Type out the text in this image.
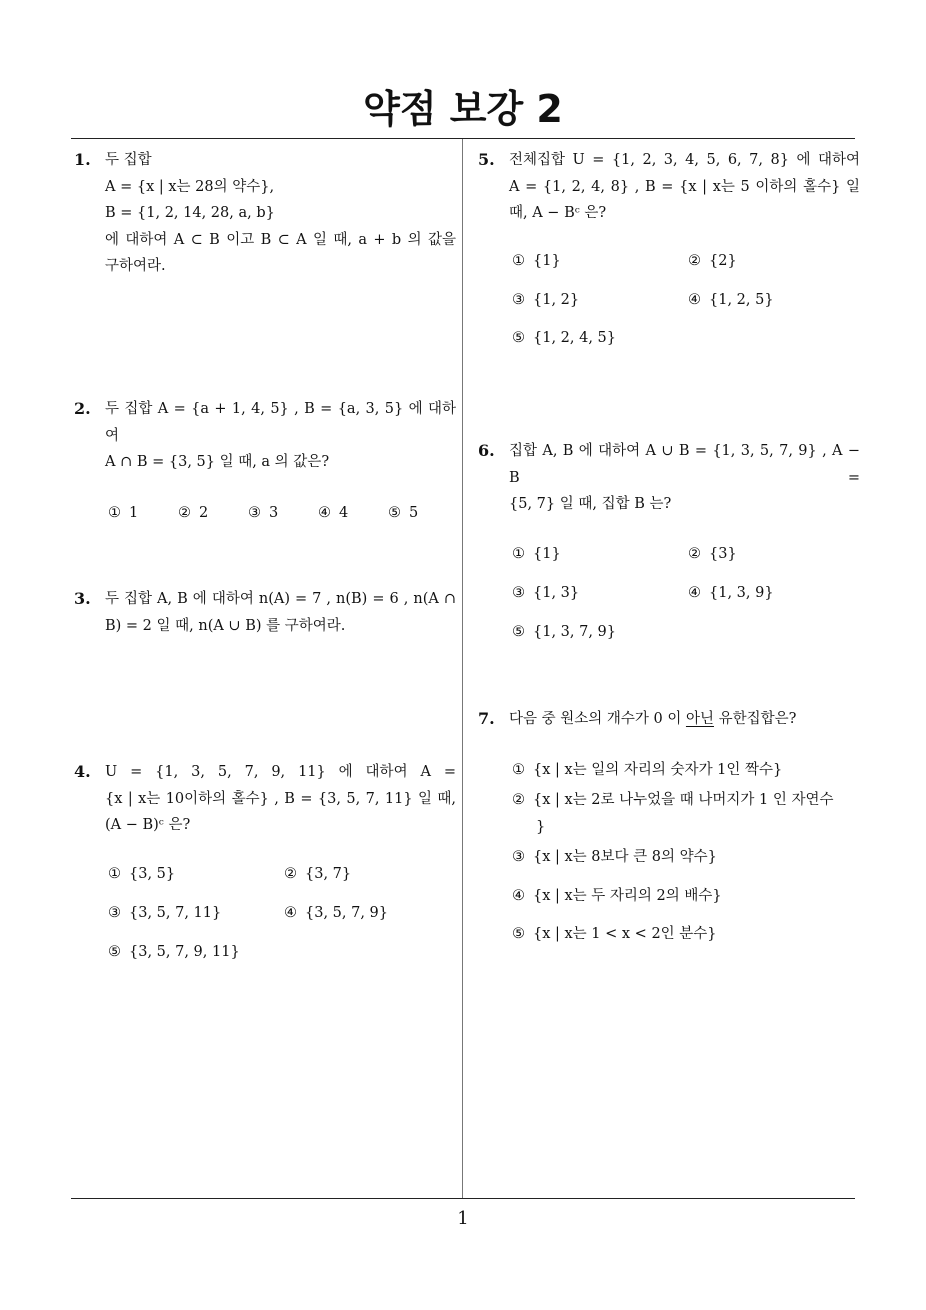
약점 보강 2
1. 두 집합
A = {x | x는 28의 약수},
B = {1, 2, 14, 28, a, b}
에 대하여 A ⊂ B 이고 B ⊂ A 일 때, a + b 의 값을
구하여라.
2. 두 집합 A = {a + 1, 4, 5} , B = {a, 3, 5} 에 대하여
A ∩ B = {3, 5} 일 때, a 의 값은?
① 1	② 2	③ 3	④ 4	⑤ 5
3. 두 집합 A, B 에 대하여 n(A) = 7 , n(B) = 6 , n(A ∩
B) = 2 일 때, n(A ∪ B) 를 구하여라.
4. U = {1, 3, 5, 7, 9, 11} 에 대하여 A =
{x | x는 10이하의 홀수} , B = {3, 5, 7, 11} 일 때,
(A − B)ᶜ 은?
① {3, 5}	② {3, 7}
③ {3, 5, 7, 11}	④ {3, 5, 7, 9}
⑤ {3, 5, 7, 9, 11}
5. 전체집합 U = {1, 2, 3, 4, 5, 6, 7, 8} 에 대하여
A = {1, 2, 4, 8} , B = {x | x는 5 이하의 홀수} 일
때, A − Bᶜ 은?
① {1}	② {2}
③ {1, 2}	④ {1, 2, 5}
⑤ {1, 2, 4, 5}
6. 집합 A, B 에 대하여 A ∪ B = {1, 3, 5, 7, 9} , A − B =
{5, 7} 일 때, 집합 B 는?
① {1}	② {3}
③ {1, 3}	④ {1, 3, 9}
⑤ {1, 3, 7, 9}
7. 다음 중 원소의 개수가 0 이 아닌 유한집합은?
① {x | x는 일의 자리의 숫자가 1인 짝수}
② {x | x는 2로 나누었을 때 나머지가 1 인 자연수
}
③ {x | x는 8보다 큰 8의 약수}
④ {x | x는 두 자리의 2의 배수}
⑤ {x | x는 1 < x < 2인 분수}
1
